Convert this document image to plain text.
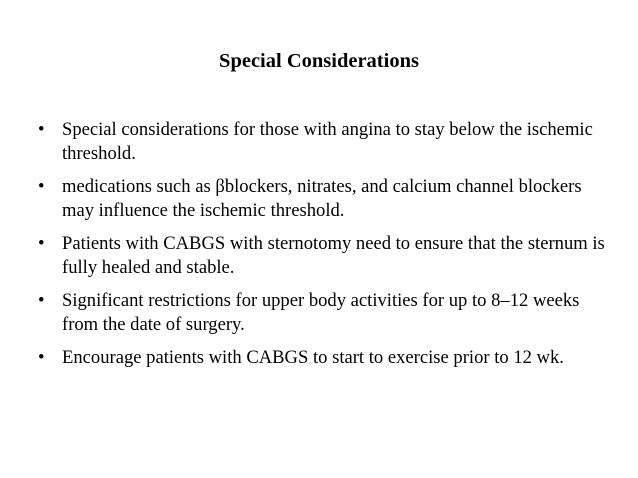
Special Considerations
• Special considerations for those with angina to stay below the ischemic threshold.
• medications such as βblockers, nitrates, and calcium channel blockers may influence the ischemic threshold.
• Patients with CABGS with sternotomy need to ensure that the sternum is fully healed and stable.
• Significant restrictions for upper body activities for up to 8–12 weeks from the date of surgery.
• Encourage patients with CABGS to start to exercise prior to 12 wk.
